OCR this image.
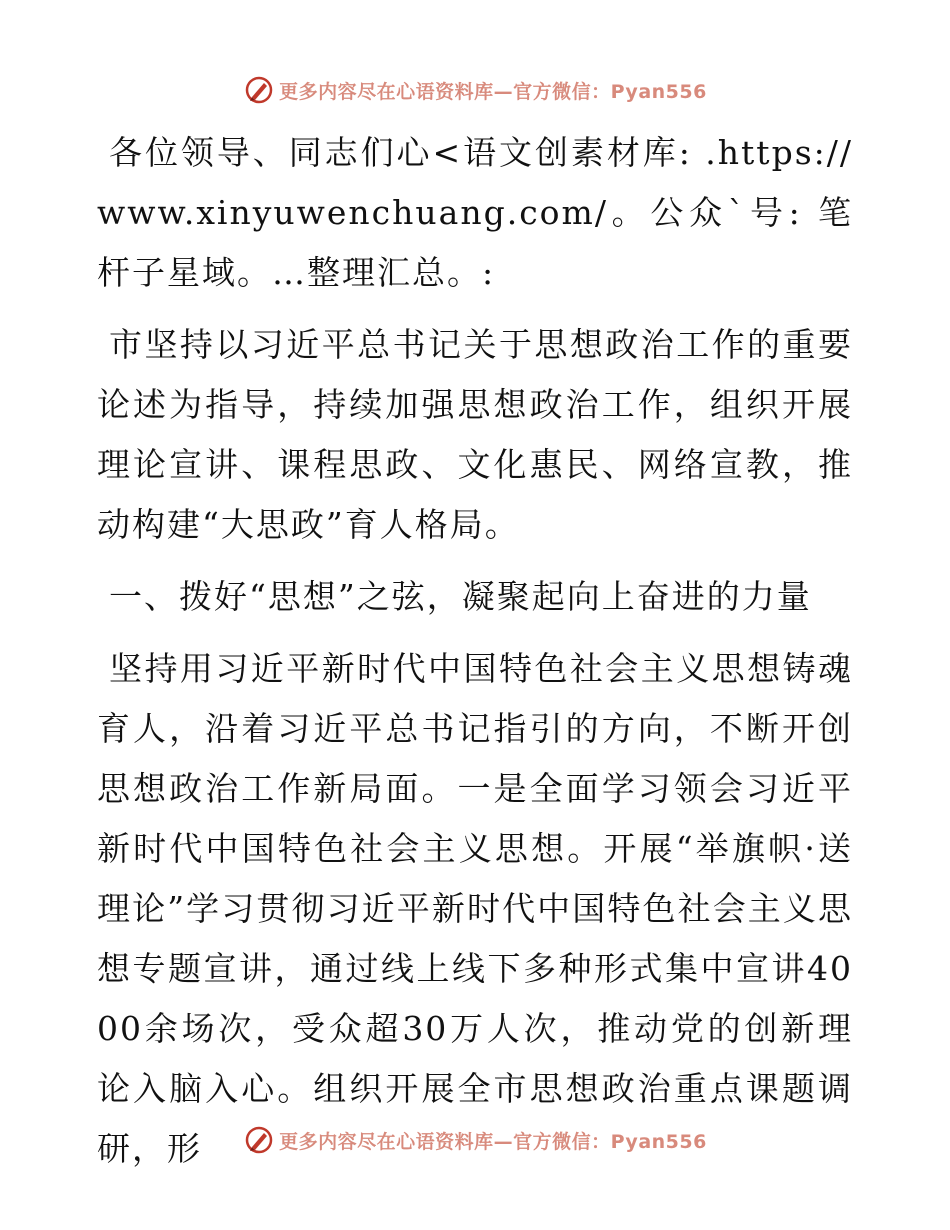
更多内容尽在心语资料库—官方微信：Pyan556

各位领导、同志们心<语文创素材库: .https://www.xinyuwenchuang.com/。公众`号: 笔杆子星域。…整理汇总。:

市坚持以习近平总书记关于思想政治工作的重要论述为指导，持续加强思想政治工作，组织开展理论宣讲、课程思政、文化惠民、网络宣教，推动构建“大思政”育人格局。

一、拨好“思想”之弦，凝聚起向上奋进的力量

坚持用习近平新时代中国特色社会主义思想铸魂育人，沿着习近平总书记指引的方向，不断开创思想政治工作新局面。一是全面学习领会习近平新时代中国特色社会主义思想。开展“举旗帜·送理论”学习贯彻习近平新时代中国特色社会主义思想专题宣讲，通过线上线下多种形式集中宣讲4000余场次，受众超30万人次，推动党的创新理论入脑入心。组织开展全市思想政治重点课题调研，形	更多内容尽在心语资料库—官方微信：Pyan556
